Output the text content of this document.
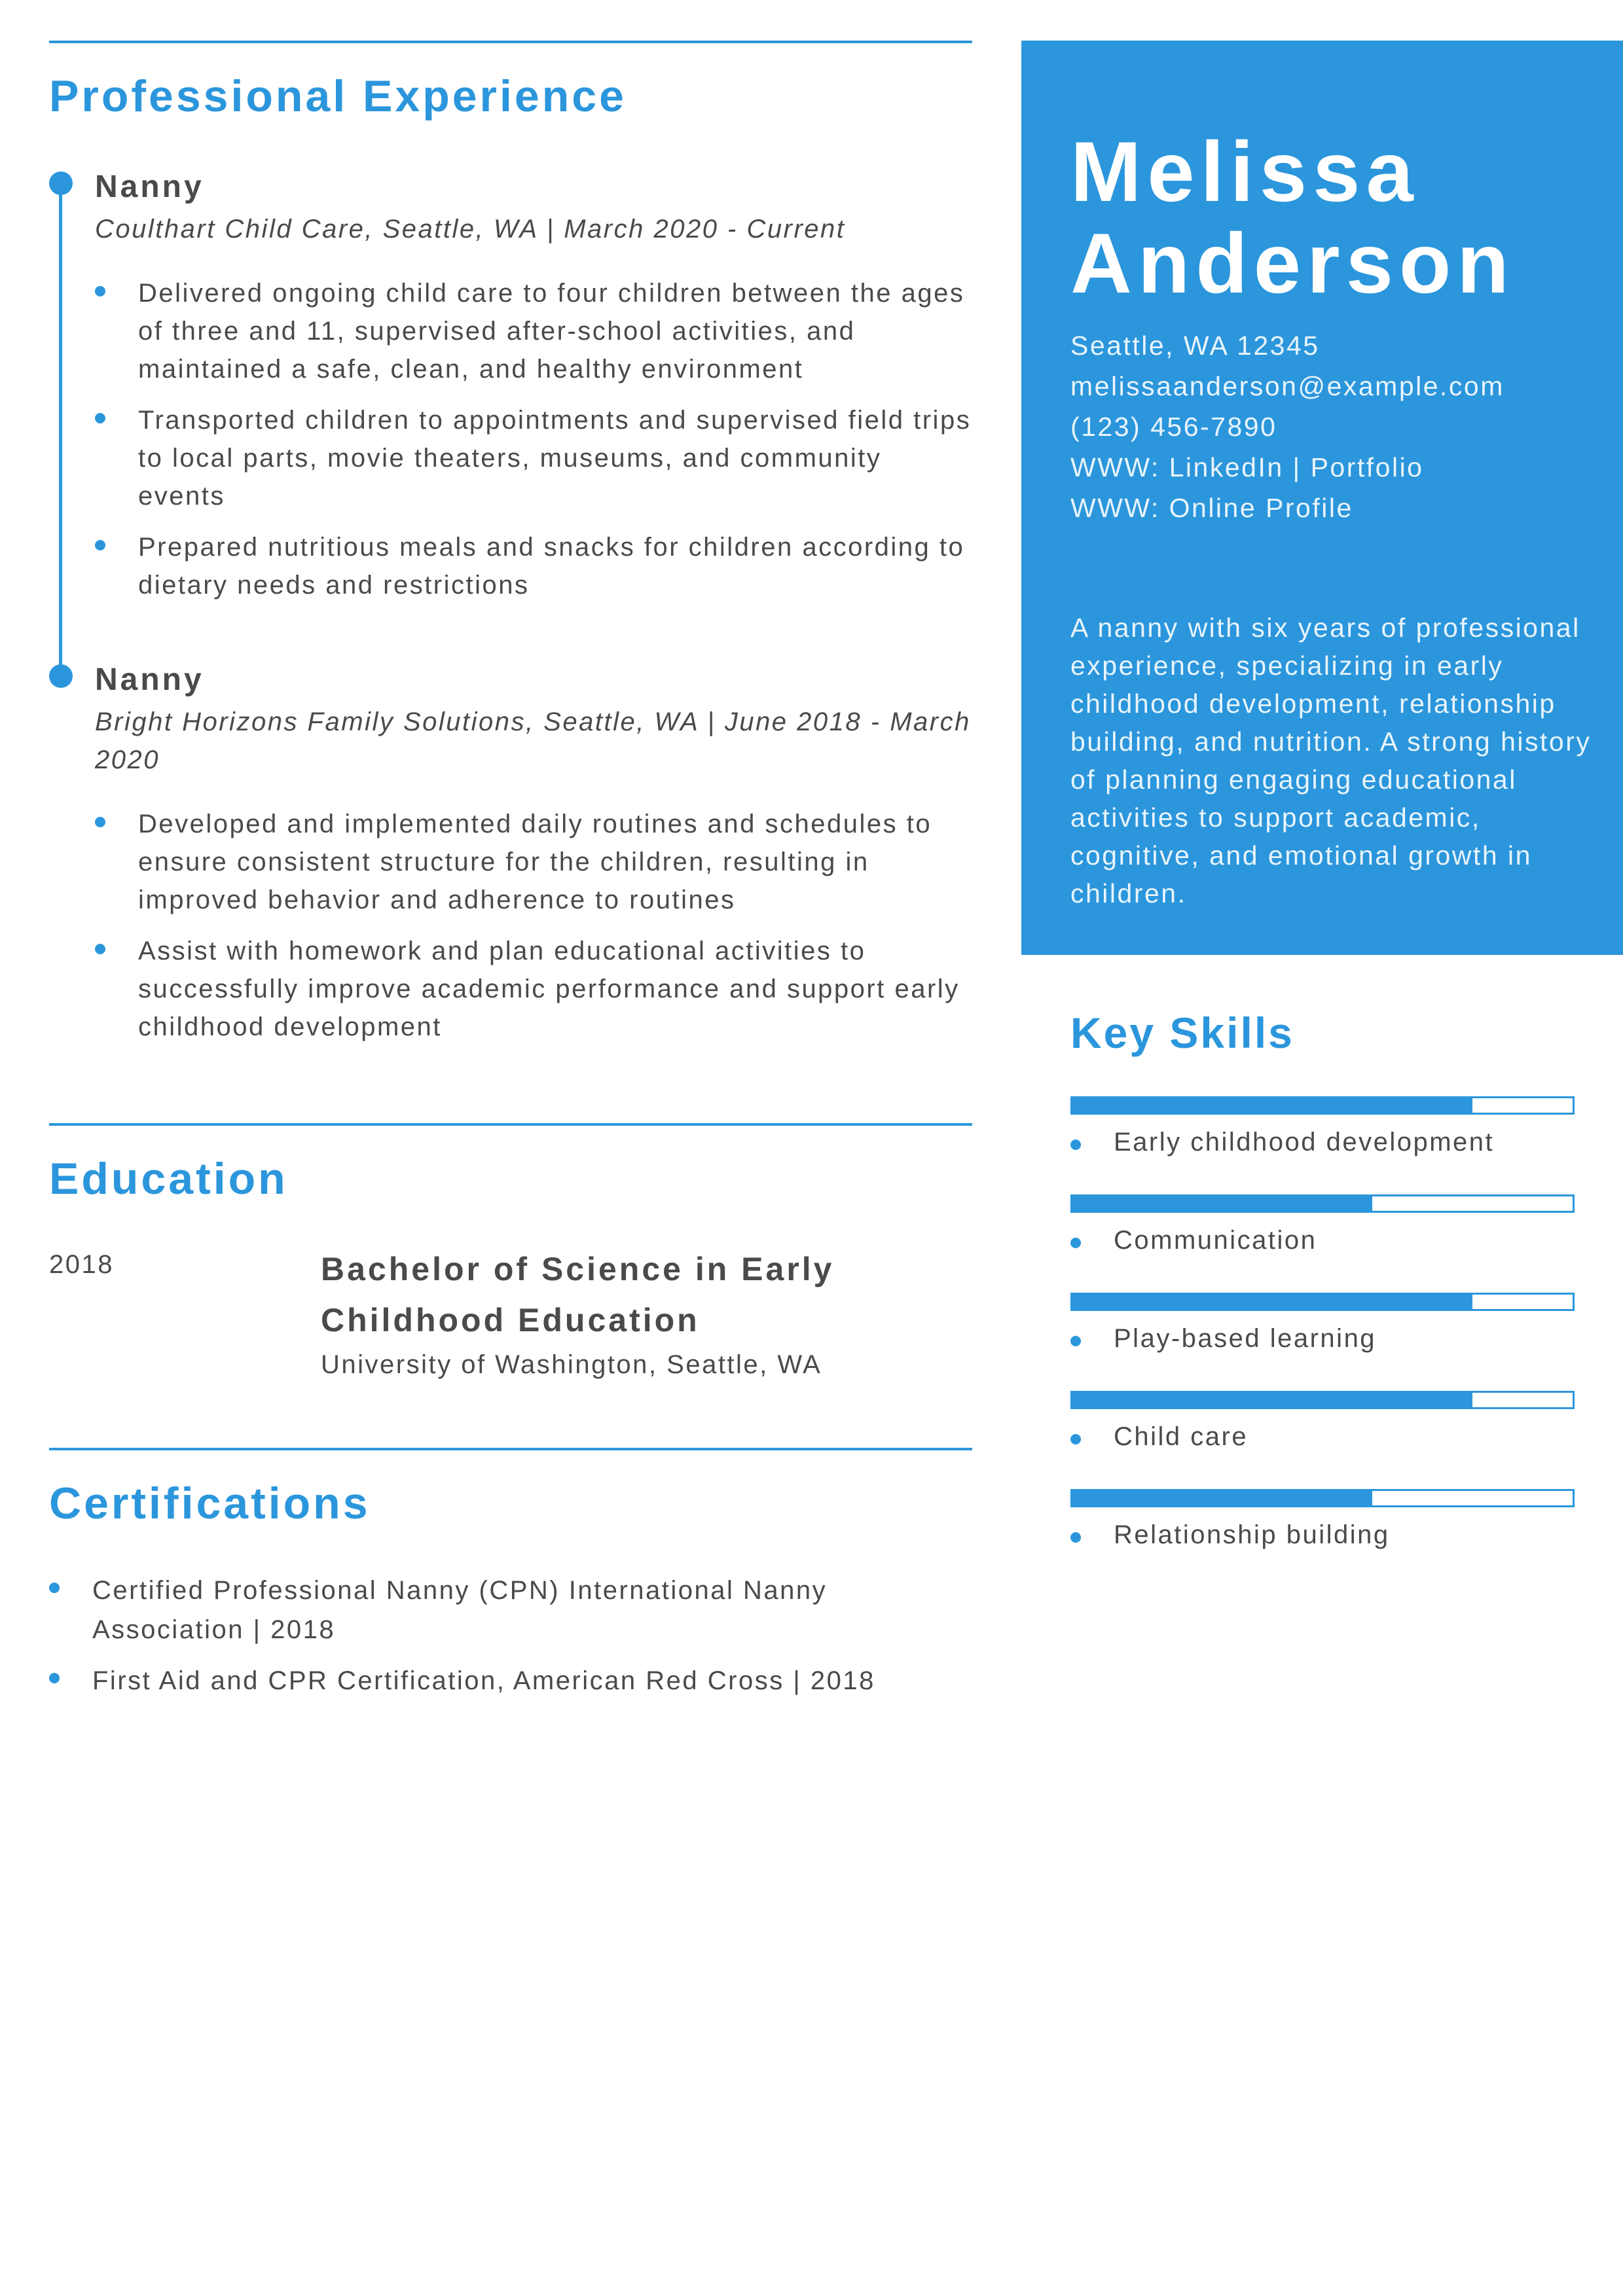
Professional Experience
Nanny
Coulthart Child Care, Seattle, WA | March 2020 - Current
Delivered ongoing child care to four children between the ages of three and 11, supervised after-school activities, and maintained a safe, clean, and healthy environment
Transported children to appointments and supervised field trips to local parts, movie theaters, museums, and community events
Prepared nutritious meals and snacks for children according to dietary needs and restrictions
Nanny
Bright Horizons Family Solutions, Seattle, WA | June 2018 - March 2020
Developed and implemented daily routines and schedules to ensure consistent structure for the children, resulting in improved behavior and adherence to routines
Assist with homework and plan educational activities to successfully improve academic performance and support early childhood development
Education
2018	Bachelor of Science in Early Childhood Education
University of Washington, Seattle, WA
Certifications
Certified Professional Nanny (CPN) International Nanny Association | 2018
First Aid and CPR Certification, American Red Cross | 2018
Melissa
Anderson
Seattle, WA 12345
melissaanderson@example.com
(123) 456-7890
WWW: LinkedIn | Portfolio
WWW: Online Profile
A nanny with six years of professional experience, specializing in early childhood development, relationship building, and nutrition. A strong history of planning engaging educational activities to support academic, cognitive, and emotional growth in children.
Key Skills
Early childhood development
Communication
Play-based learning
Child care
Relationship building
